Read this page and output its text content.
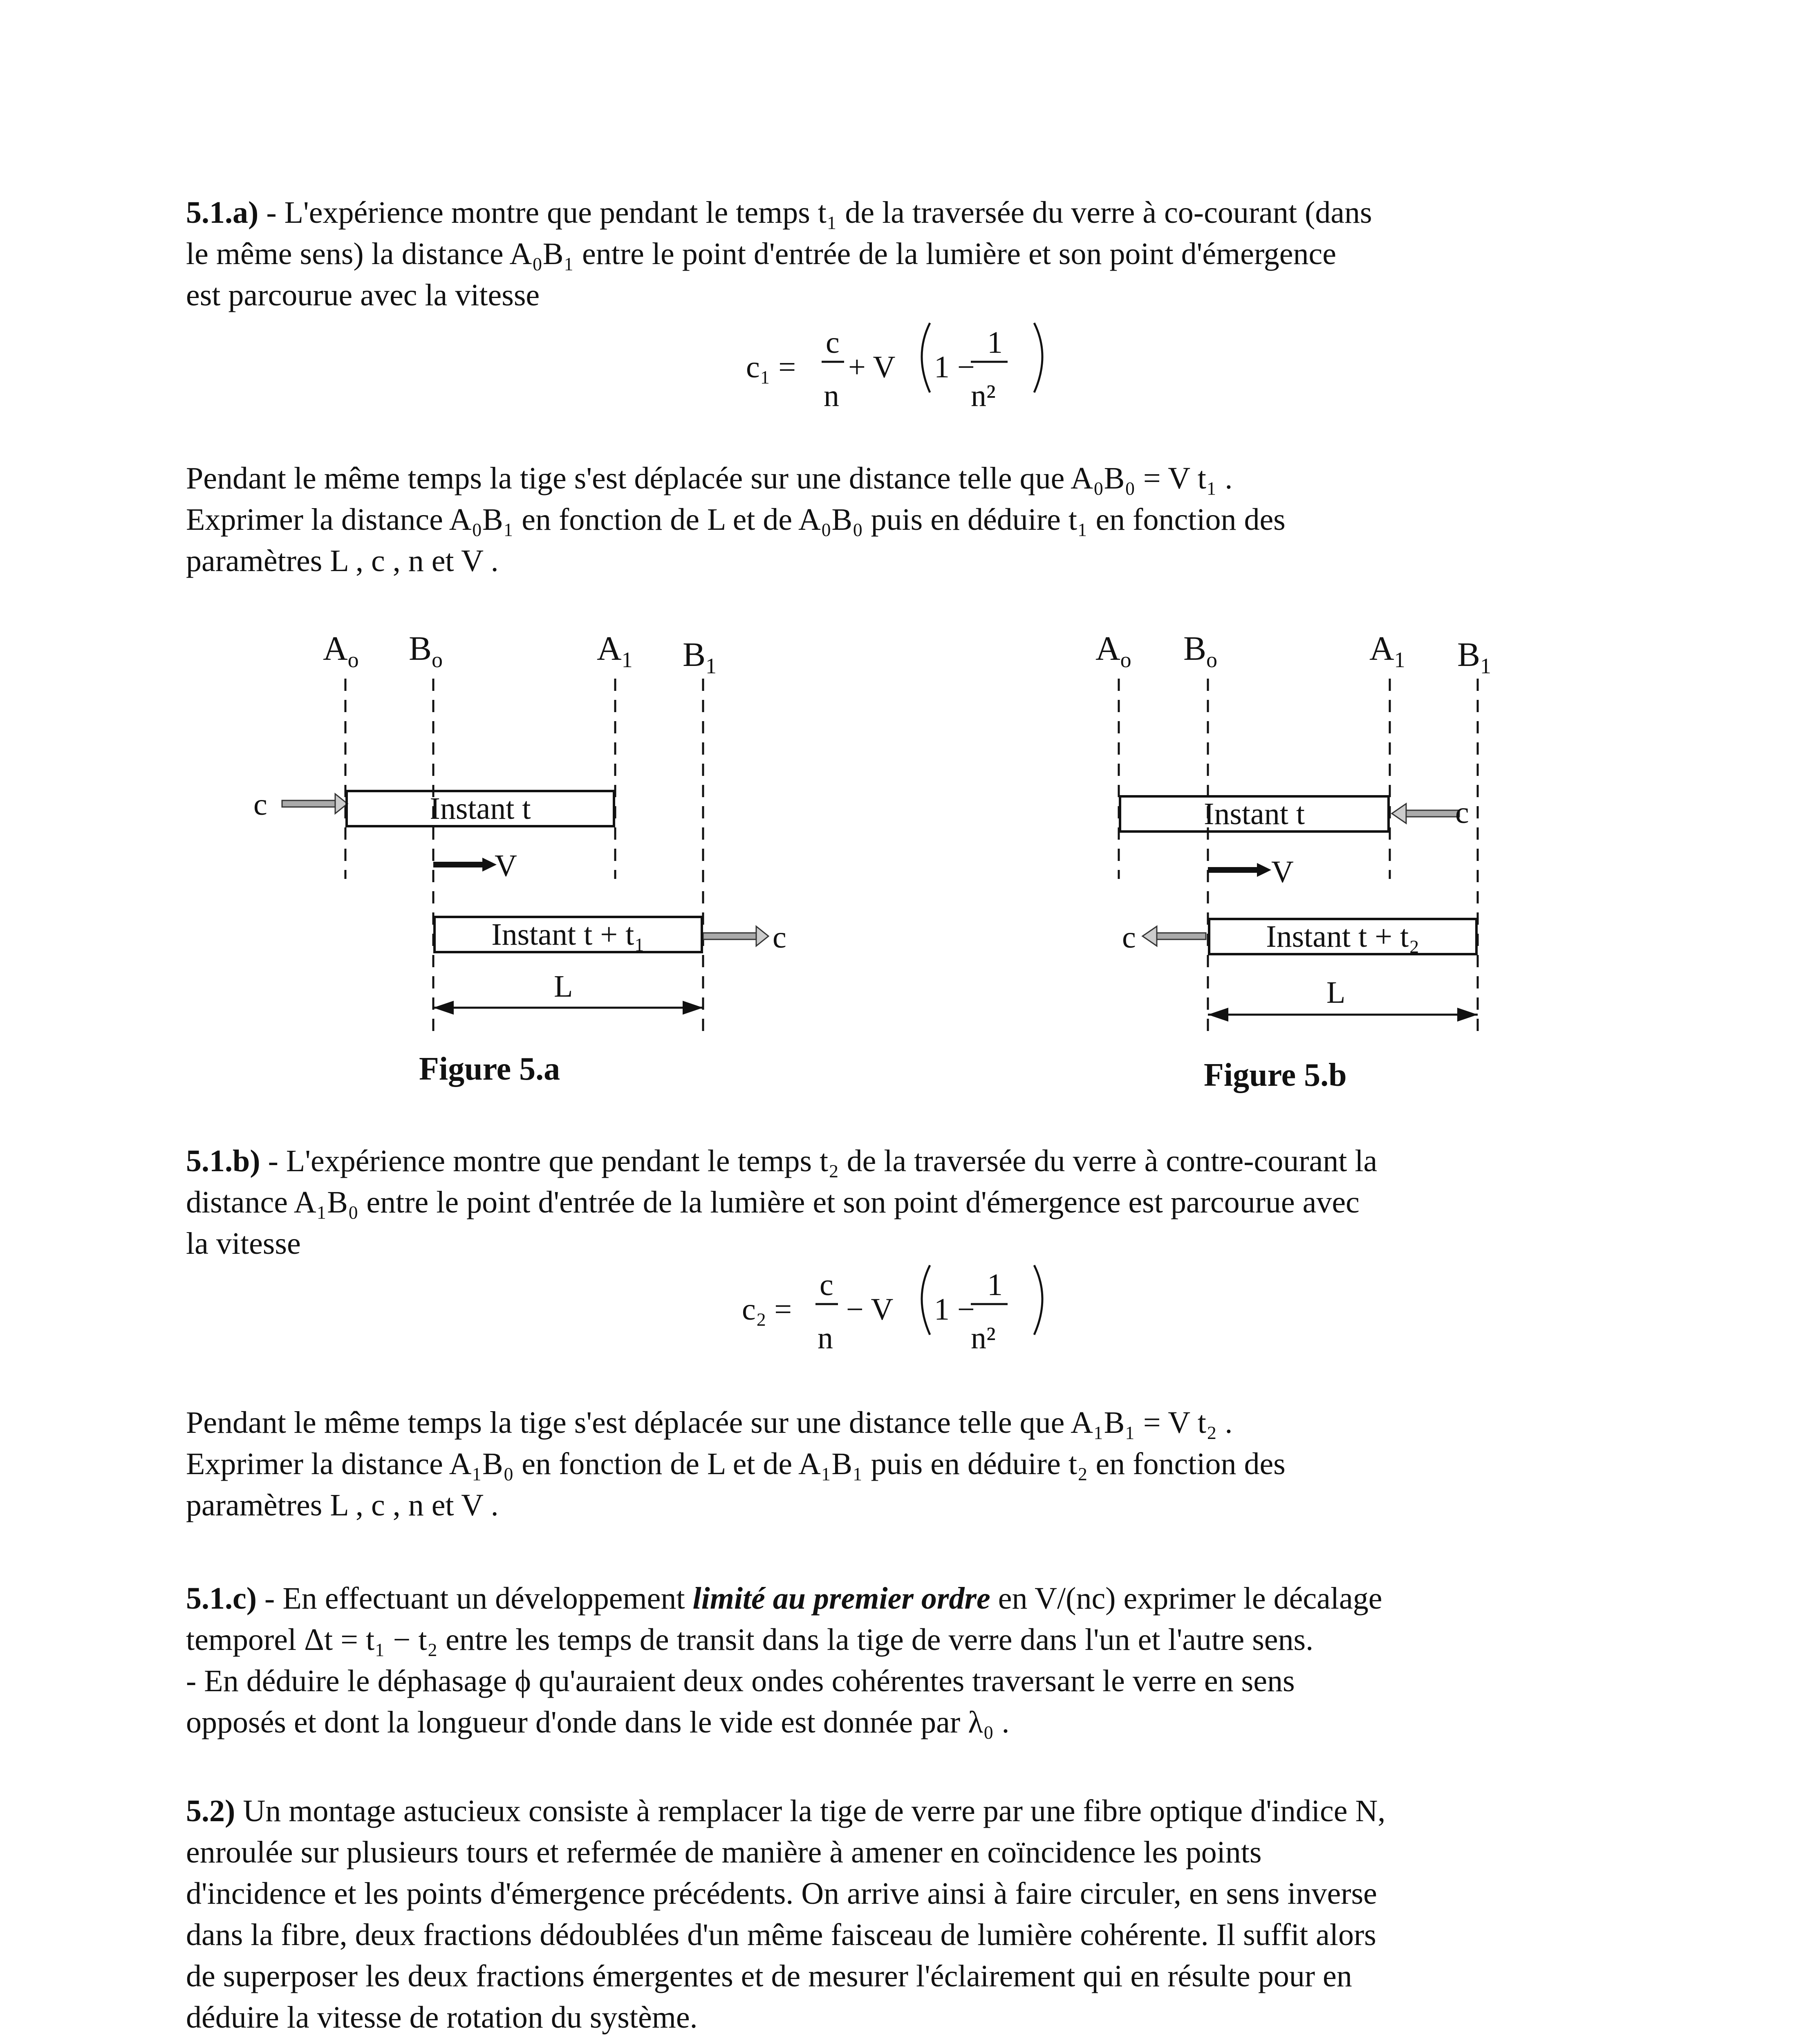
5.1.a) - L'expérience montre que pendant le temps t₁ de la traversée du verre à co-courant (dans
le même sens) la distance A₀B₁ entre le point d'entrée de la lumière et son point d'émergence
est parcourue avec la vitesse
c₁ =
c
n
+ V 1 −
1
n²
Pendant le même temps la tige s'est déplacée sur une distance telle que A₀B₀ = V t₁ .
Exprimer la distance A₀B₁ en fonction de L et de A₀B₀ puis en déduire t₁ en fonction des
paramètres L , c , n et V .
$A_o$ $B_o$	$A_1$ $B_1$
c	Instant t
V
Instant t + t₁	c
L
Figure 5.a
$A_o$ $B_o$	$A_1$ $B_1$
Instant t	c
V
c	Instant t + t₂
L
Figure 5.b
5.1.b) - L'expérience montre que pendant le temps t₂ de la traversée du verre à contre-courant la
distance A₁B₀ entre le point d'entrée de la lumière et son point d'émergence est parcourue avec
la vitesse
c₂ =
c
n
− V 1 −
1
n²
Pendant le même temps la tige s'est déplacée sur une distance telle que A₁B₁ = V t₂ .
Exprimer la distance A₁B₀ en fonction de L et de A₁B₁ puis en déduire t₂ en fonction des
paramètres L , c , n et V .
5.1.c) - En effectuant un développement limité au premier ordre en V/(nc) exprimer le décalage
temporel Δt = t₁ − t₂ entre les temps de transit dans la tige de verre dans l'un et l'autre sens.
- En déduire le déphasage ϕ qu'auraient deux ondes cohérentes traversant le verre en sens
opposés et dont la longueur d'onde dans le vide est donnée par λ₀ .
5.2) Un montage astucieux consiste à remplacer la tige de verre par une fibre optique d'indice N,
enroulée sur plusieurs tours et refermée de manière à amener en coïncidence les points
d'incidence et les points d'émergence précédents. On arrive ainsi à faire circuler, en sens inverse
dans la fibre, deux fractions dédoublées d'un même faisceau de lumière cohérente. Il suffit alors
de superposer les deux fractions émergentes et de mesurer l'éclairement qui en résulte pour en
déduire la vitesse de rotation du système.
